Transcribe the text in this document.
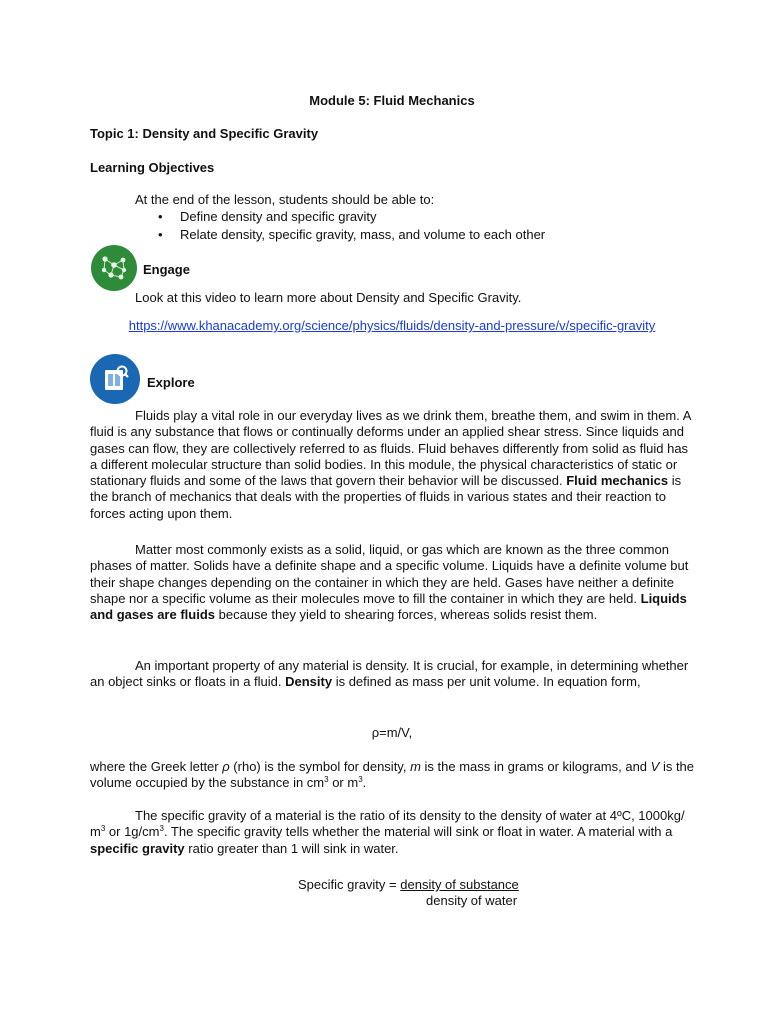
Module 5: Fluid Mechanics
Topic 1: Density and Specific Gravity
Learning Objectives
At the end of the lesson, students should be able to:
• Define density and specific gravity
• Relate density, specific gravity, mass, and volume to each other
Engage
Look at this video to learn more about Density and Specific Gravity.
https://www.khanacademy.org/science/physics/fluids/density-and-pressure/v/specific-gravity
Explore
Fluids play a vital role in our everyday lives as we drink them, breathe them, and swim in them. A fluid is any substance that flows or continually deforms under an applied shear stress. Since liquids and gases can flow, they are collectively referred to as fluids. Fluid behaves differently from solid as fluid has a different molecular structure than solid bodies. In this module, the physical characteristics of static or stationary fluids and some of the laws that govern their behavior will be discussed. Fluid mechanics is the branch of mechanics that deals with the properties of fluids in various states and their reaction to forces acting upon them.
Matter most commonly exists as a solid, liquid, or gas which are known as the three common phases of matter. Solids have a definite shape and a specific volume. Liquids have a definite volume but their shape changes depending on the container in which they are held. Gases have neither a definite shape nor a specific volume as their molecules move to fill the container in which they are held. Liquids and gases are fluids because they yield to shearing forces, whereas solids resist them.
An important property of any material is density. It is crucial, for example, in determining whether an object sinks or floats in a fluid. Density is defined as mass per unit volume. In equation form,
ρ=m/V,
where the Greek letter ρ (rho) is the symbol for density, m is the mass in grams or kilograms, and V is the volume occupied by the substance in $cm^3$ or $m^3$.
The specific gravity of a material is the ratio of its density to the density of water at 4ºC, 1000kg/ $m^3$ or $1g/cm^3$. The specific gravity tells whether the material will sink or float in water. A material with a specific gravity ratio greater than 1 will sink in water.
Specific gravity = density of substance
density of water
